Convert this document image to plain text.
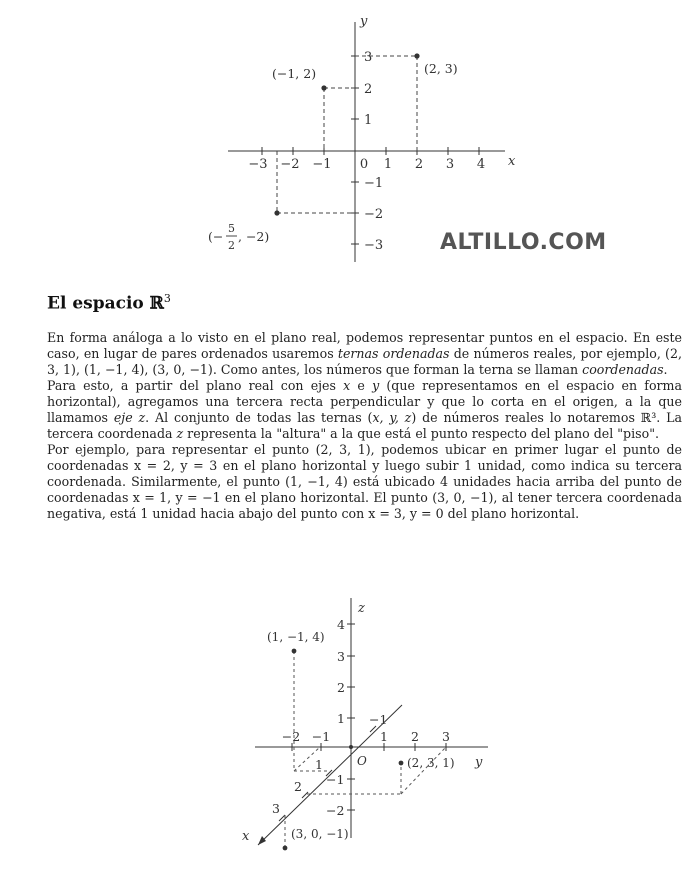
x
y
−3 −2 −1 0 1 2 3 4
3
2
1
−1
−2
−3
(2, 3)
(−1, 2)
(−
5
2
, −2)	ALTILLO.COM
El espacio ℝ$^3$

En forma análoga a lo visto en el plano real, podemos representar puntos en el espacio. En este caso, en lugar de pares ordenados usaremos ternas ordenadas de números reales, por ejemplo, (2, 3, 1), (1, −1, 4), (3, 0, −1). Como antes, los números que forman la terna se llaman coordenadas.

Para esto, a partir del plano real con ejes x e y (que representamos en el espacio en forma horizontal), agregamos una tercera recta perpendicular y que lo corta en el origen, a la que llamamos eje z. Al conjunto de todas las ternas (x, y, z) de números reales lo notaremos ℝ³. La tercera coordenada z representa la "altura" a la que está el punto respecto del plano del "piso".

Por ejemplo, para representar el punto (2, 3, 1), podemos ubicar en primer lugar el punto de coordenadas x = 2, y = 3 en el plano horizontal y luego subir 1 unidad, como indica su tercera coordenada. Similarmente, el punto (1, −1, 4) está ubicado 4 unidades hacia arriba del punto de coordenadas x = 1, y = −1 en el plano horizontal. El punto (3, 0, −1), al tener tercera coordenada negativa, está 1 unidad hacia abajo del punto con x = 3, y = 0 del plano horizontal.

z
y
x
O
4
3
2
1
−1
−2
−2 −1	1 2 3
−1
1
2
3
(1, −1, 4)
(2, 3, 1)
(3, 0, −1)
